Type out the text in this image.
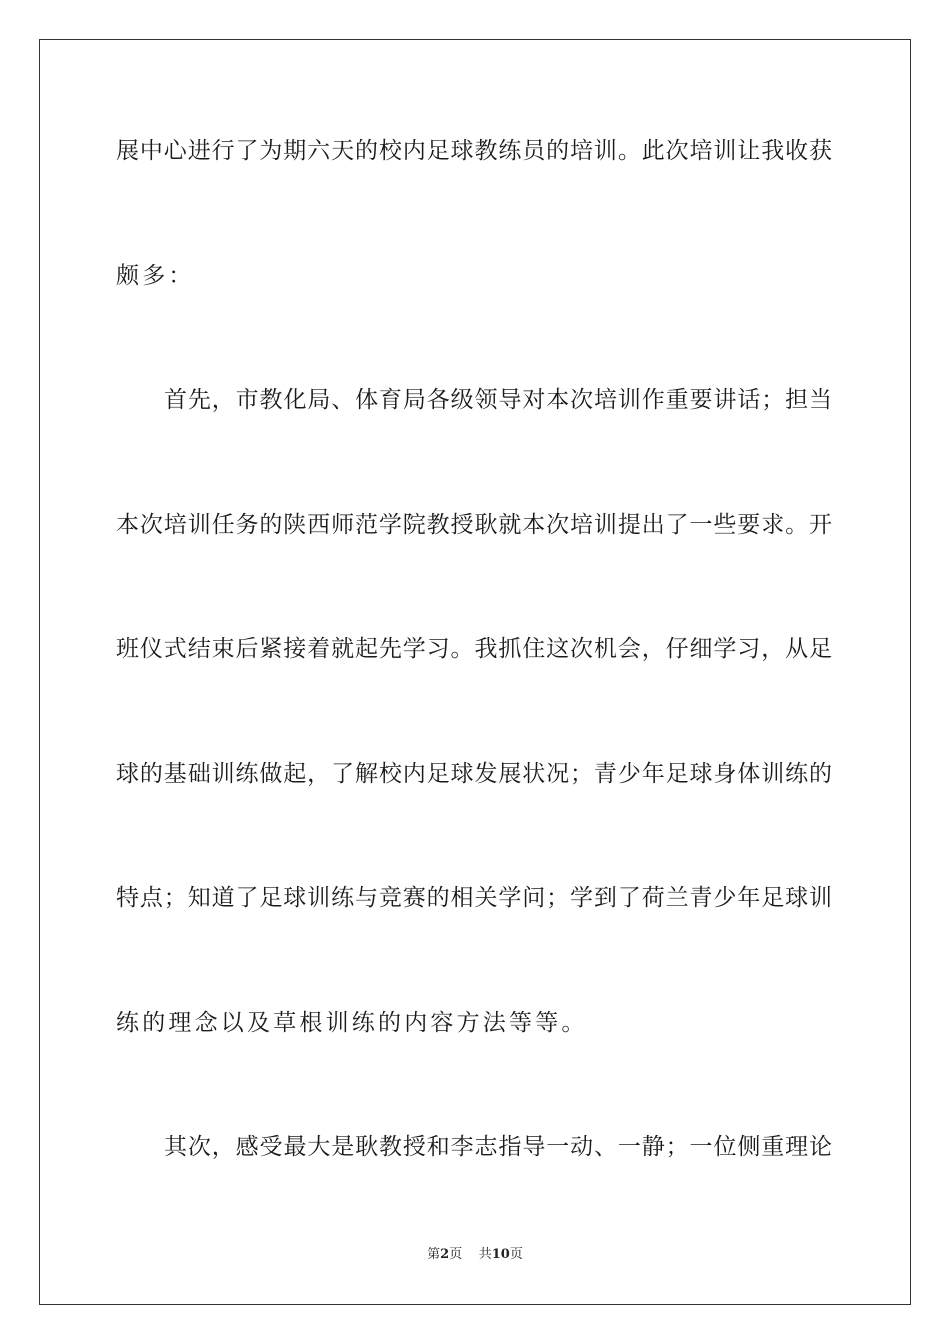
展中心进行了为期六天的校内足球教练员的培训。此次培训让我收获
颇多：
首先，市教化局、体育局各级领导对本次培训作重要讲话；担当
本次培训任务的陕西师范学院教授耿就本次培训提出了一些要求。开
班仪式结束后紧接着就起先学习。我抓住这次机会，仔细学习，从足
球的基础训练做起，了解校内足球发展状况；青少年足球身体训练的
特点；知道了足球训练与竞赛的相关学问；学到了荷兰青少年足球训
练的理念以及草根训练的内容方法等等。
其次，感受最大是耿教授和李志指导一动、一静；一位侧重理论
第2页 共10页
